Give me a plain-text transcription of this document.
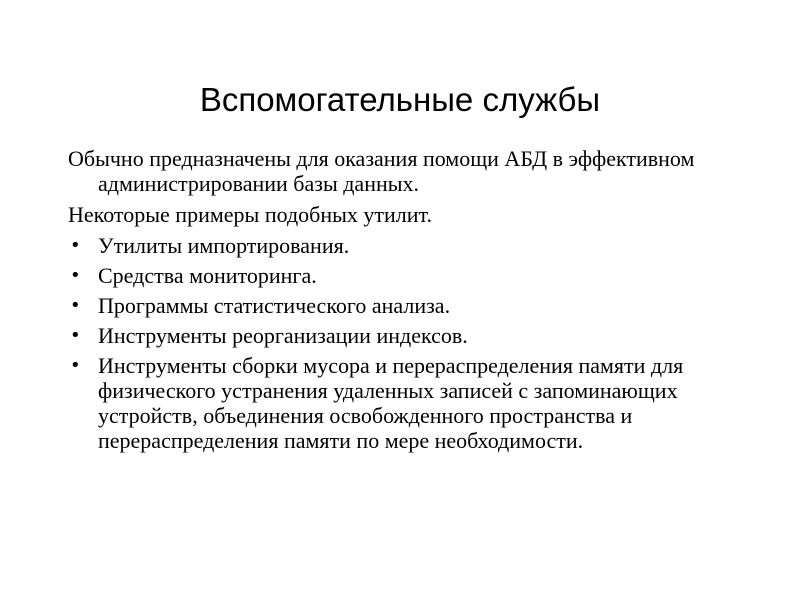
Вспомогательные службы

Обычно предназначены для оказания помощи АБД в эффективном администрировании базы данных.

Некоторые примеры подобных утилит.

• Утилиты импортирования.
• Средства мониторинга.
• Программы статистического анализа.
• Инструменты реорганизации индексов.
• Инструменты сборки мусора и перераспределения памяти для физического устранения удаленных записей с запоминающих устройств, объединения освобожденного пространства и перераспределения памяти по мере необходимости.
